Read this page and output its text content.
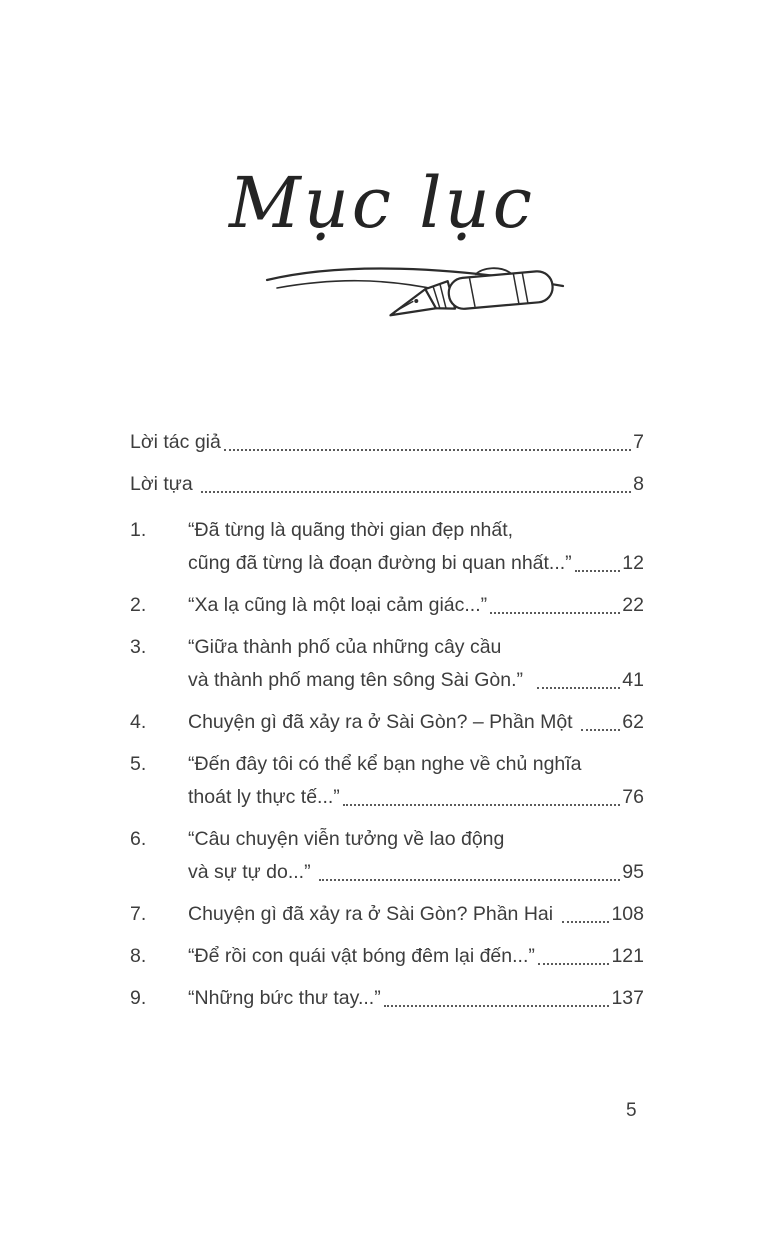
Mục lục
Lời tác giả	7
Lời tựa	8
1.	“Đã từng là quãng thời gian đẹp nhất,
cũng đã từng là đoạn đường bi quan nhất...”	12
2.	“Xa lạ cũng là một loại cảm giác...”	22
3.	“Giữa thành phố của những cây cầu
và thành phố mang tên sông Sài Gòn.”	41
4.	Chuyện gì đã xảy ra ở Sài Gòn? – Phần Một 62
5.	“Đến đây tôi có thể kể bạn nghe về chủ nghĩa
thoát ly thực tế...”	76
6.	“Câu chuyện viễn tưởng về lao động
và sự tự do...”	95
7.	Chuyện gì đã xảy ra ở Sài Gòn? Phần Hai	108
8.	“Để rồi con quái vật bóng đêm lại đến...”	121
9.	“Những bức thư tay...”	137
5
